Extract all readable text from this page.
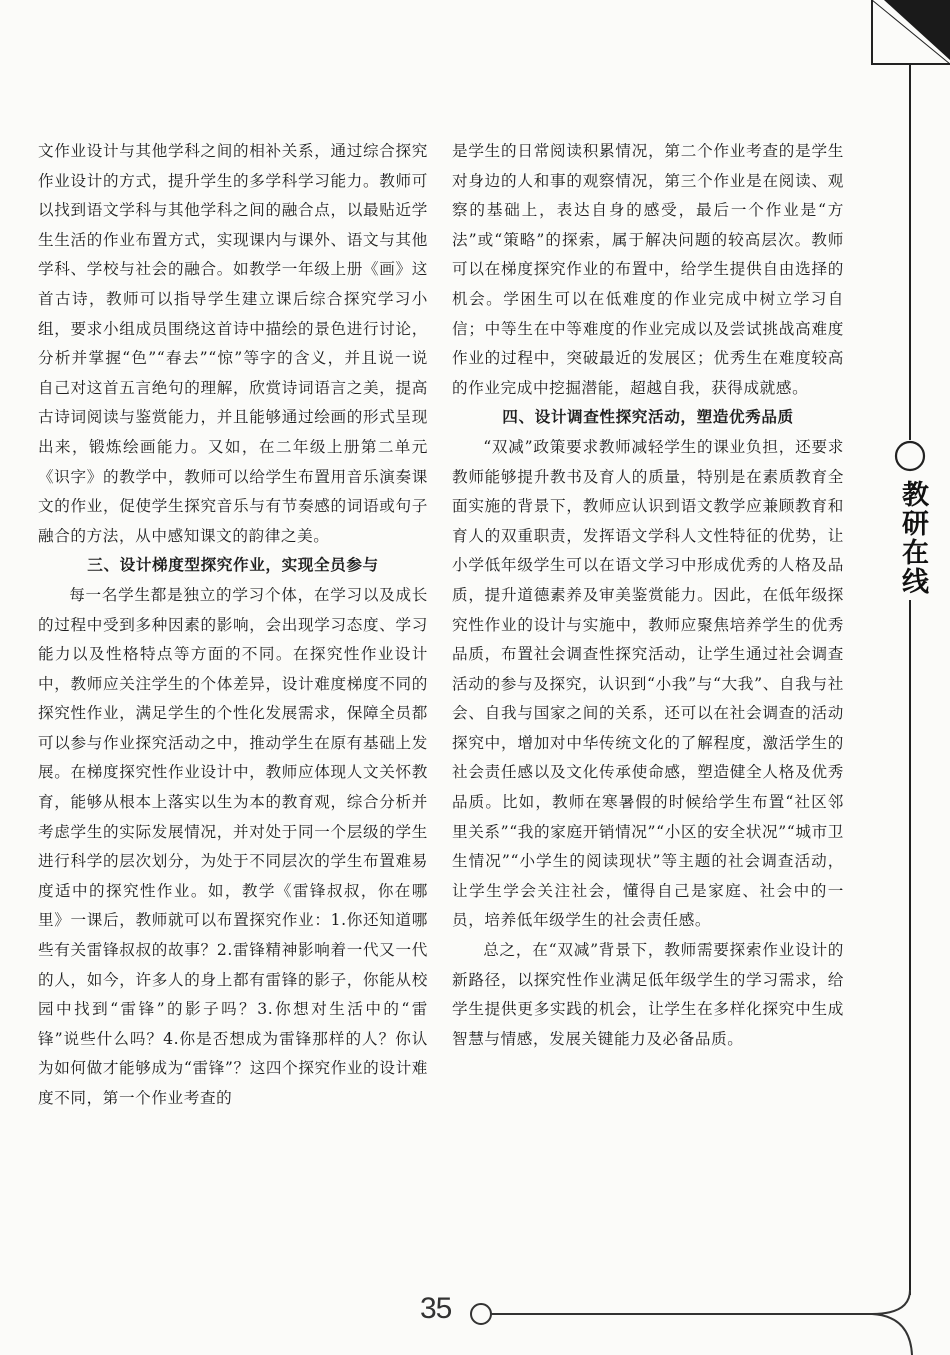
文作业设计与其他学科之间的相补关系，通过综合探究作业设计的方式，提升学生的多学科学习能力。教师可以找到语文学科与其他学科之间的融合点，以最贴近学生生活的作业布置方式，实现课内与课外、语文与其他学科、学校与社会的融合。如教学一年级上册《画》这首古诗，教师可以指导学生建立课后综合探究学习小组，要求小组成员围绕这首诗中描绘的景色进行讨论，分析并掌握“色”“春去”“惊”等字的含义，并且说一说自己对这首五言绝句的理解，欣赏诗词语言之美，提高古诗词阅读与鉴赏能力，并且能够通过绘画的形式呈现出来，锻炼绘画能力。又如，在二年级上册第二单元《识字》的教学中，教师可以给学生布置用音乐演奏课文的作业，促使学生探究音乐与有节奏感的词语或句子融合的方法，从中感知课文的韵律之美。

三、设计梯度型探究作业，实现全员参与

每一名学生都是独立的学习个体，在学习以及成长的过程中受到多种因素的影响，会出现学习态度、学习能力以及性格特点等方面的不同。在探究性作业设计中，教师应关注学生的个体差异，设计难度梯度不同的探究性作业，满足学生的个性化发展需求，保障全员都可以参与作业探究活动之中，推动学生在原有基础上发展。在梯度探究性作业设计中，教师应体现人文关怀教育，能够从根本上落实以生为本的教育观，综合分析并考虑学生的实际发展情况，并对处于同一个层级的学生进行科学的层次划分，为处于不同层次的学生布置难易度适中的探究性作业。如，教学《雷锋叔叔，你在哪里》一课后，教师就可以布置探究作业：1.你还知道哪些有关雷锋叔叔的故事？2.雷锋精神影响着一代又一代的人，如今，许多人的身上都有雷锋的影子，你能从校园中找到“雷锋”的影子吗？3.你想对生活中的“雷锋”说些什么吗？4.你是否想成为雷锋那样的人？你认为如何做才能够成为“雷锋”？这四个探究作业的设计难度不同，第一个作业考查的

是学生的日常阅读积累情况，第二个作业考查的是学生对身边的人和事的观察情况，第三个作业是在阅读、观察的基础上，表达自身的感受，最后一个作业是“方法”或“策略”的探索，属于解决问题的较高层次。教师可以在梯度探究作业的布置中，给学生提供自由选择的机会。学困生可以在低难度的作业完成中树立学习自信；中等生在中等难度的作业完成以及尝试挑战高难度作业的过程中，突破最近的发展区；优秀生在难度较高的作业完成中挖掘潜能，超越自我，获得成就感。

四、设计调查性探究活动，塑造优秀品质

“双减”政策要求教师减轻学生的课业负担，还要求教师能够提升教书及育人的质量，特别是在素质教育全面实施的背景下，教师应认识到语文教学应兼顾教育和育人的双重职责，发挥语文学科人文性特征的优势，让小学低年级学生可以在语文学习中形成优秀的人格及品质，提升道德素养及审美鉴赏能力。因此，在低年级探究性作业的设计与实施中，教师应聚焦培养学生的优秀品质，布置社会调查性探究活动，让学生通过社会调查活动的参与及探究，认识到“小我”与“大我”、自我与社会、自我与国家之间的关系，还可以在社会调查的活动探究中，增加对中华传统文化的了解程度，激活学生的社会责任感以及文化传承使命感，塑造健全人格及优秀品质。比如，教师在寒暑假的时候给学生布置“社区邻里关系”“我的家庭开销情况”“小区的安全状况”“城市卫生情况”“小学生的阅读现状”等主题的社会调查活动，让学生学会关注社会，懂得自己是家庭、社会中的一员，培养低年级学生的社会责任感。

总之，在“双减”背景下，教师需要探索作业设计的新路径，以探究性作业满足低年级学生的学习需求，给学生提供更多实践的机会，让学生在多样化探究中生成智慧与情感，发展关键能力及必备品质。

教研在线
35
